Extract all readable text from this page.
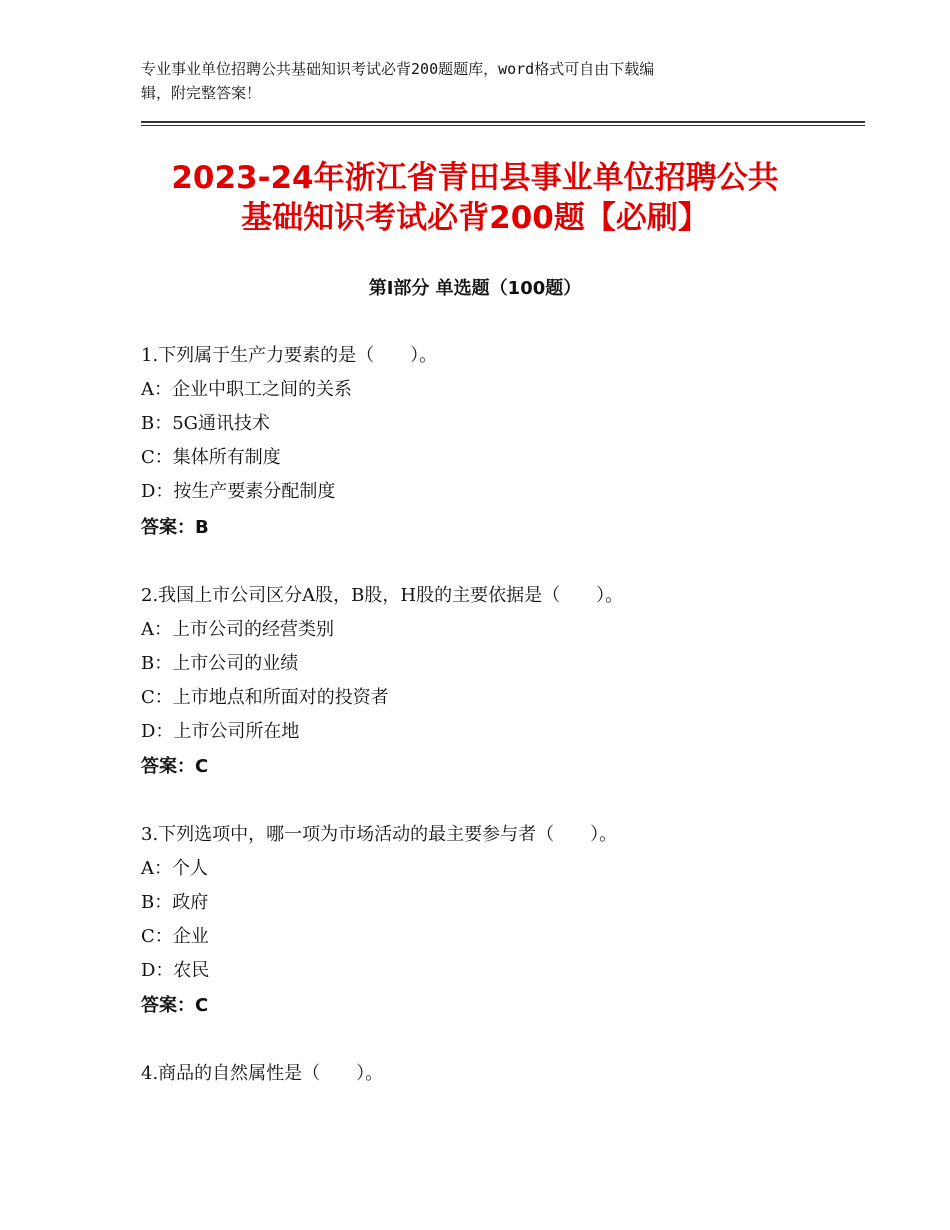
专业事业单位招聘公共基础知识考试必背200题题库，word格式可自由下载编
辑，附完整答案！
2023-24年浙江省青田县事业单位招聘公共
基础知识考试必背200题【必刷】
第Ⅰ部分 单选题（100题）
1.下列属于生产力要素的是（　　）。
A：企业中职工之间的关系
B：5G通讯技术
C：集体所有制度
D：按生产要素分配制度
答案：B
2.我国上市公司区分A股，B股，H股的主要依据是（　　）。
A：上市公司的经营类别
B：上市公司的业绩
C：上市地点和所面对的投资者
D：上市公司所在地
答案：C
3.下列选项中，哪一项为市场活动的最主要参与者（　　）。
A：个人
B：政府
C：企业
D：农民
答案：C
4.商品的自然属性是（　　）。
